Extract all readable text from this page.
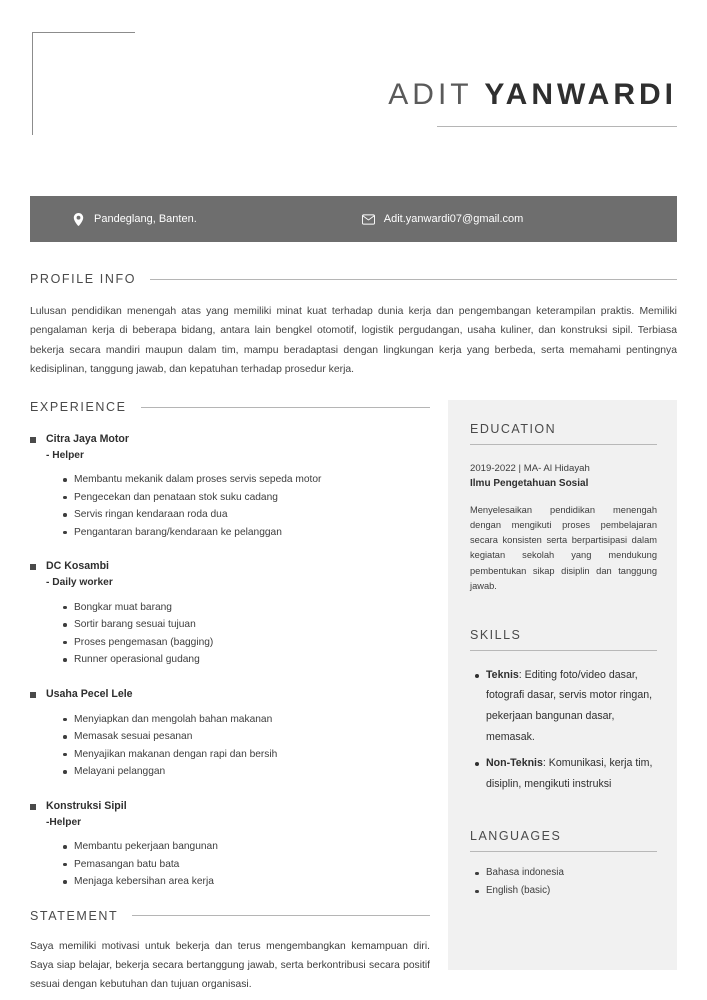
ADIT YANWARDI
Pandeglang, Banten.	Adit.yanwardi07@gmail.com
PROFILE INFO
Lulusan pendidikan menengah atas yang memiliki minat kuat terhadap dunia kerja dan pengembangan keterampilan praktis. Memiliki pengalaman kerja di beberapa bidang, antara lain bengkel otomotif, logistik pergudangan, usaha kuliner, dan konstruksi sipil. Terbiasa bekerja secara mandiri maupun dalam tim, mampu beradaptasi dengan lingkungan kerja yang berbeda, serta memahami pentingnya kedisiplinan, tanggung jawab, dan kepatuhan terhadap prosedur kerja.
EXPERIENCE
Citra Jaya Motor
- Helper
Membantu mekanik dalam proses servis sepeda motor
Pengecekan dan penataan stok suku cadang
Servis ringan kendaraan roda dua
Pengantaran barang/kendaraan ke pelanggan
DC Kosambi
- Daily worker
Bongkar muat barang
Sortir barang sesuai tujuan
Proses pengemasan (bagging)
Runner operasional gudang
Usaha Pecel Lele
Menyiapkan dan mengolah bahan makanan
Memasak sesuai pesanan
Menyajikan makanan dengan rapi dan bersih
Melayani pelanggan
Konstruksi Sipil
-Helper
Membantu pekerjaan bangunan
Pemasangan batu bata
Menjaga kebersihan area kerja
STATEMENT
Saya memiliki motivasi untuk bekerja dan terus mengembangkan kemampuan diri. Saya siap belajar, bekerja secara bertanggung jawab, serta berkontribusi secara positif sesuai dengan kebutuhan dan tujuan organisasi.
EDUCATION
2019-2022 | MA- Al Hidayah
Ilmu Pengetahuan Sosial
Menyelesaikan pendidikan menengah dengan mengikuti proses pembelajaran secara konsisten serta berpartisipasi dalam kegiatan sekolah yang mendukung pembentukan sikap disiplin dan tanggung jawab.
SKILLS
Teknis: Editing foto/video dasar, fotografi dasar, servis motor ringan, pekerjaan bangunan dasar, memasak.
Non-Teknis: Komunikasi, kerja tim, disiplin, mengikuti instruksi
LANGUAGES
Bahasa indonesia
English (basic)
